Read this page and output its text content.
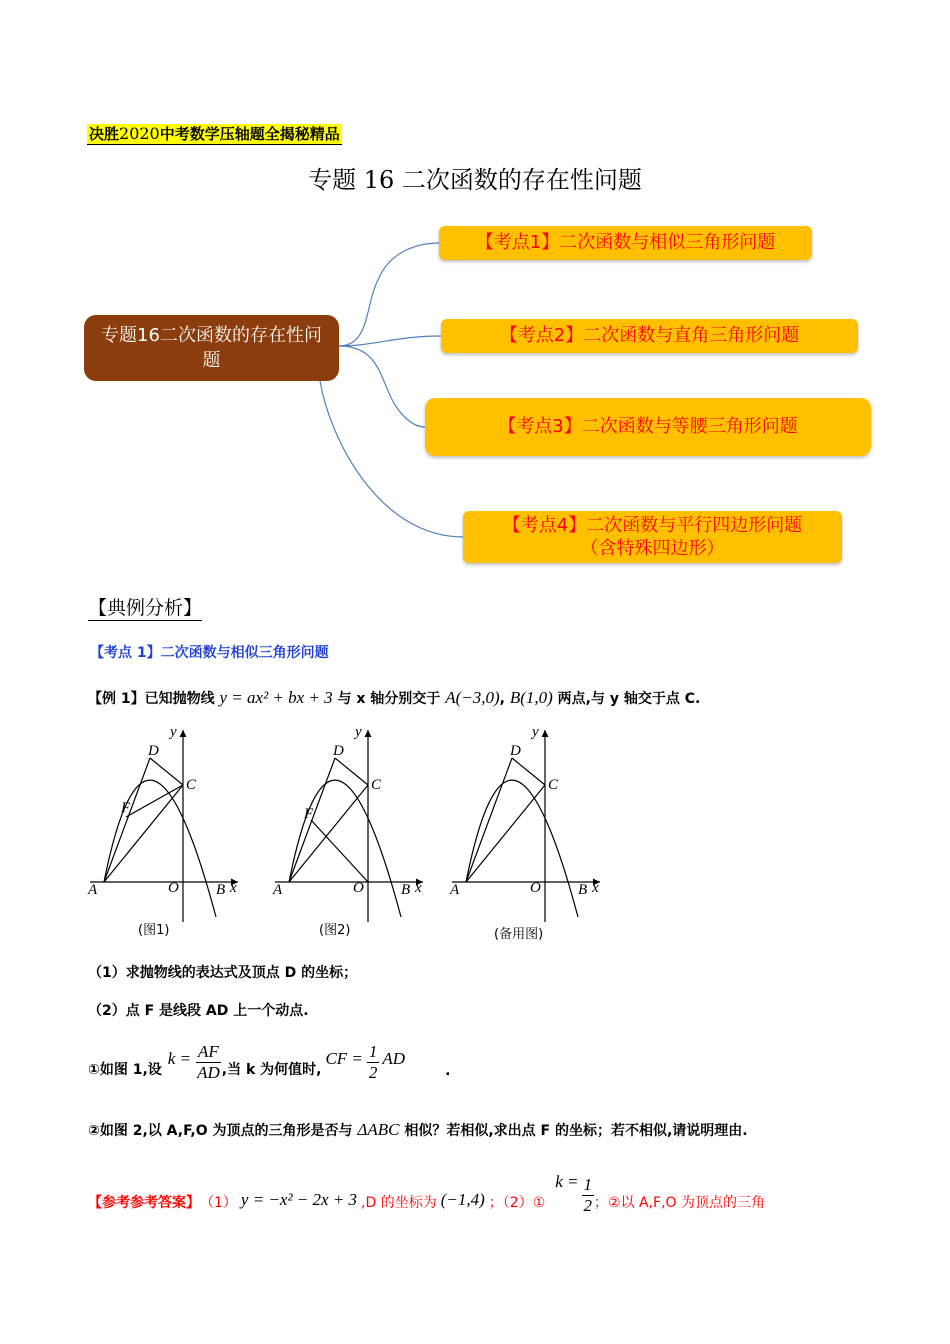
决胜2020中考数学压轴题全揭秘精品
专题 16 二次函数的存在性问题
专题16二次函数的存在性问题
【考点1】二次函数与相似三角形问题
【考点2】二次函数与直角三角形问题
【考点3】二次函数与等腰三角形问题
【考点4】二次函数与平行四边形问题（含特殊四边形）
【典例分析】
【考点 1】二次函数与相似三角形问题
【例 1】已知抛物线 y = ax² + bx + 3 与 x 轴分别交于 A(−3,0), B(1,0) 两点,与 y 轴交于点 C.
D
C
F
A	O B x
y
(图1)
D
C
F
A	O B x
y
(图2)
D
C
A	O B x
y
(备用图)
（1）求抛物线的表达式及顶点 D 的坐标；
（2）点 F 是线段 AD 上一个动点.
①如图 1,设
$k = \frac{AF}{AD}$ ,当 k 为何值时,
CF = $\frac{1}{2}$ AD
.
②如图 2,以 A,F,O 为顶点的三角形是否与 ΔABC 相似？若相似,求出点 F 的坐标；若不相似,请说明理由.
【参考参考答案】 （1） y = −x² − 2x + 3 ,D 的坐标为 (−1,4) ；（2）①
$k = \frac{1}{2}$ ；②以 A,F,O 为顶点的三角
